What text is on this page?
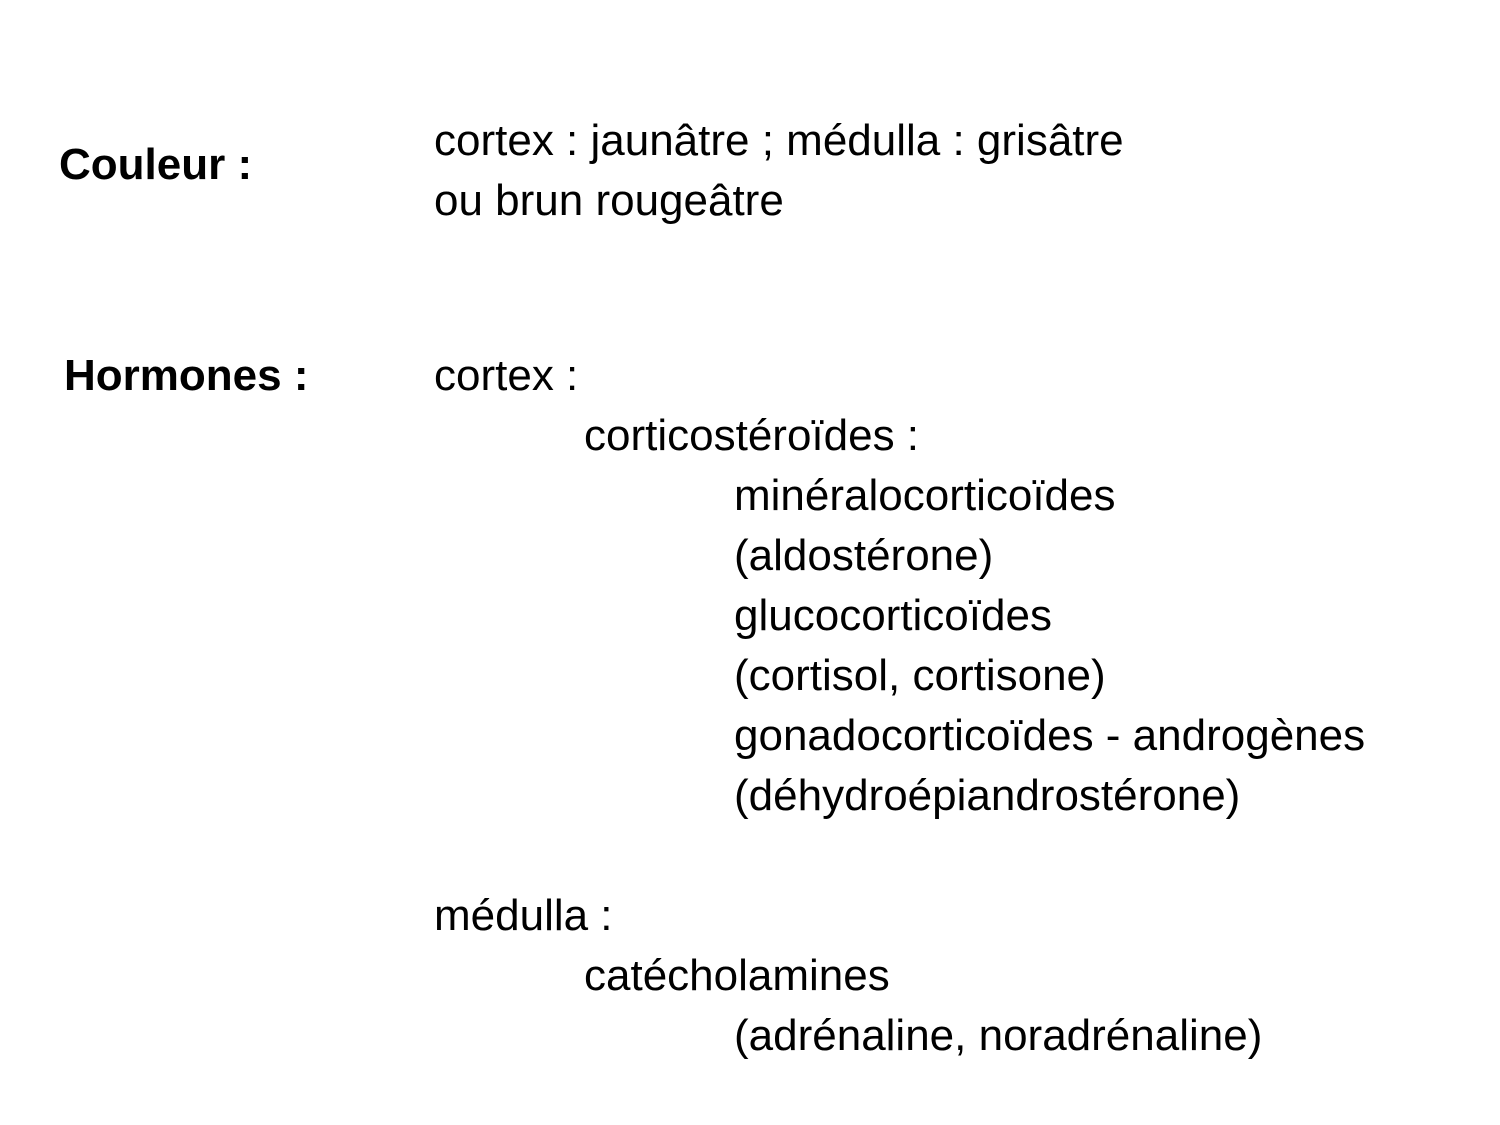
Couleur :	cortex : jaunâtre ; médulla : grisâtre
ou brun rougeâtre
Hormones :	cortex :
corticostéroïdes :
minéralocorticoïdes
(aldostérone)
glucocorticoïdes
(cortisol, cortisone)
gonadocorticoïdes - androgènes
(déhydroépiandrostérone)
médulla :
catécholamines
(adrénaline, noradrénaline)
